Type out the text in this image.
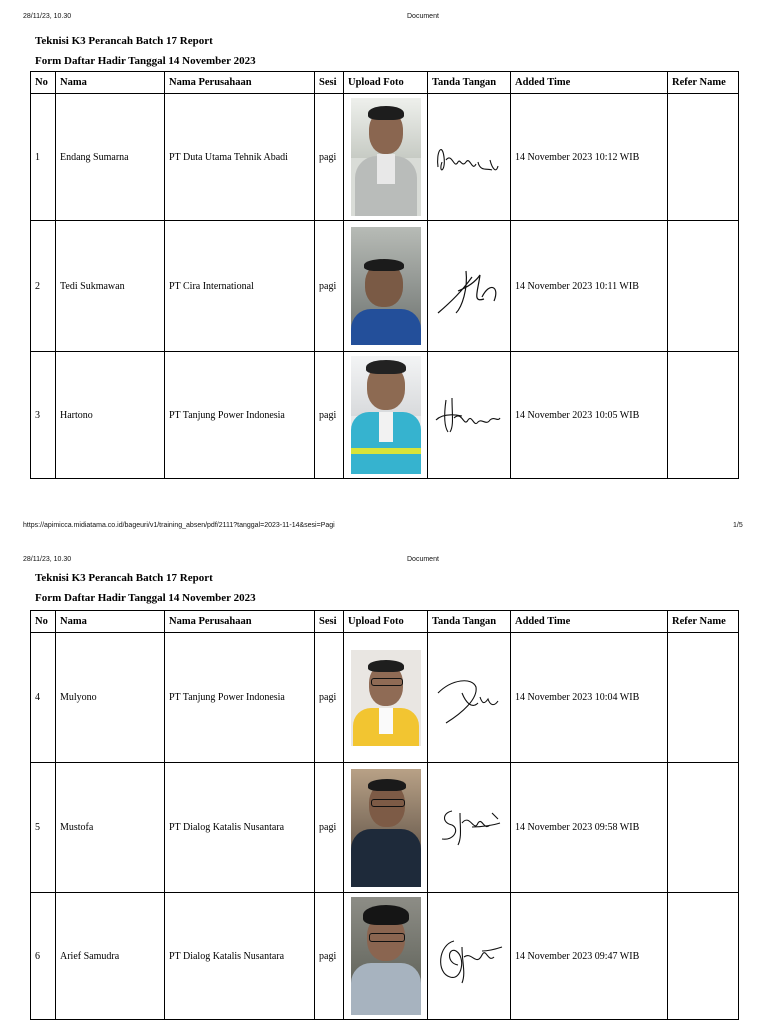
28/11/23, 10.30	Document
Teknisi K3 Perancah Batch 17 Report
Form Daftar Hadir Tanggal 14 November 2023
No	Nama	Nama Perusahaan	Sesi	Upload Foto	Tanda Tangan	Added Time	Refer Name
1	Endang Sumarna	PT Duta Utama Tehnik Abadi	pagi			14 November 2023 10:12 WIB	
2	Tedi Sukmawan	PT Cira International	pagi			14 November 2023 10:11 WIB	
3	Hartono	PT Tanjung Power Indonesia	pagi			14 November 2023 10:05 WIB	
https://apimicca.midiatama.co.id/bageuri/v1/training_absen/pdf/2111?tanggal=2023-11-14&sesi=Pagi	1/5
28/11/23, 10.30	Document
Teknisi K3 Perancah Batch 17 Report
Form Daftar Hadir Tanggal 14 November 2023
No	Nama	Nama Perusahaan	Sesi	Upload Foto	Tanda Tangan	Added Time	Refer Name
4	Mulyono	PT Tanjung Power Indonesia	pagi			14 November 2023 10:04 WIB	
5	Mustofa	PT Dialog Katalis Nusantara	pagi			14 November 2023 09:58 WIB	
6	Arief Samudra	PT Dialog Katalis Nusantara	pagi			14 November 2023 09:47 WIB	
